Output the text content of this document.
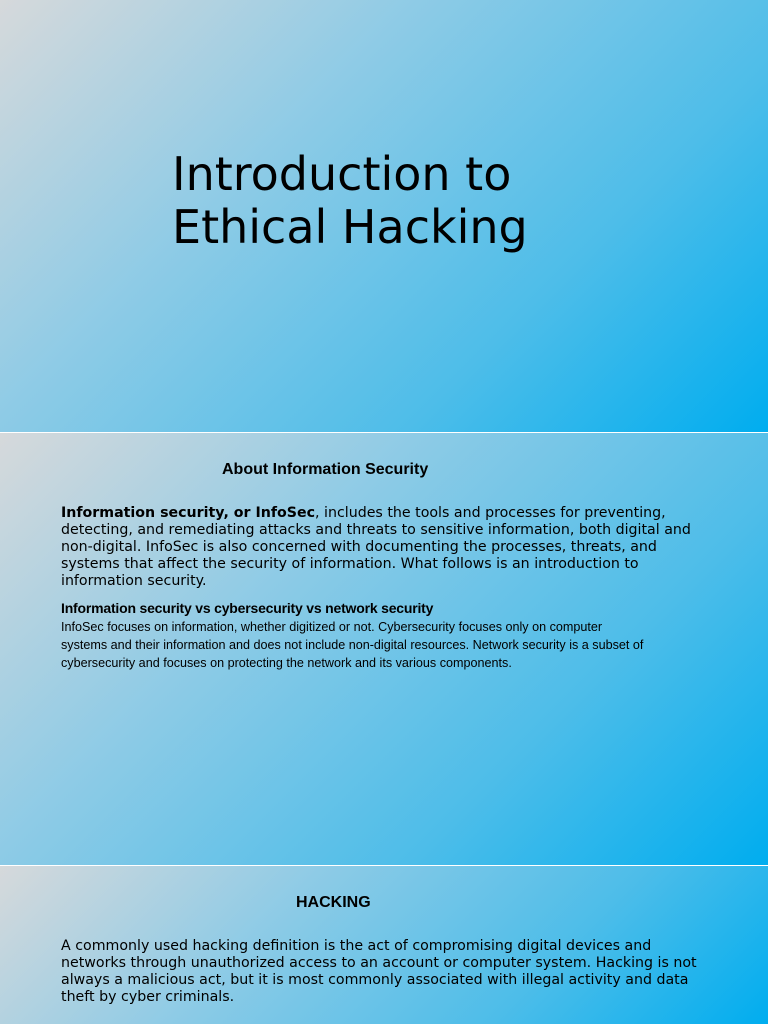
Introduction to
Ethical Hacking
About Information Security

Information security, or InfoSec, includes the tools and processes for preventing, detecting, and remediating attacks and threats to sensitive information, both digital and non-digital. InfoSec is also concerned with documenting the processes, threats, and systems that affect the security of information. What follows is an introduction to information security.

Information security vs cybersecurity vs network security

InfoSec focuses on information, whether digitized or not. Cybersecurity focuses only on computer systems and their information and does not include non-digital resources. Network security is a subset of cybersecurity and focuses on protecting the network and its various components.

HACKING

A commonly used hacking definition is the act of compromising digital devices and networks through unauthorized access to an account or computer system. Hacking is not always a malicious act, but it is most commonly associated with illegal activity and data theft by cyber criminals.
